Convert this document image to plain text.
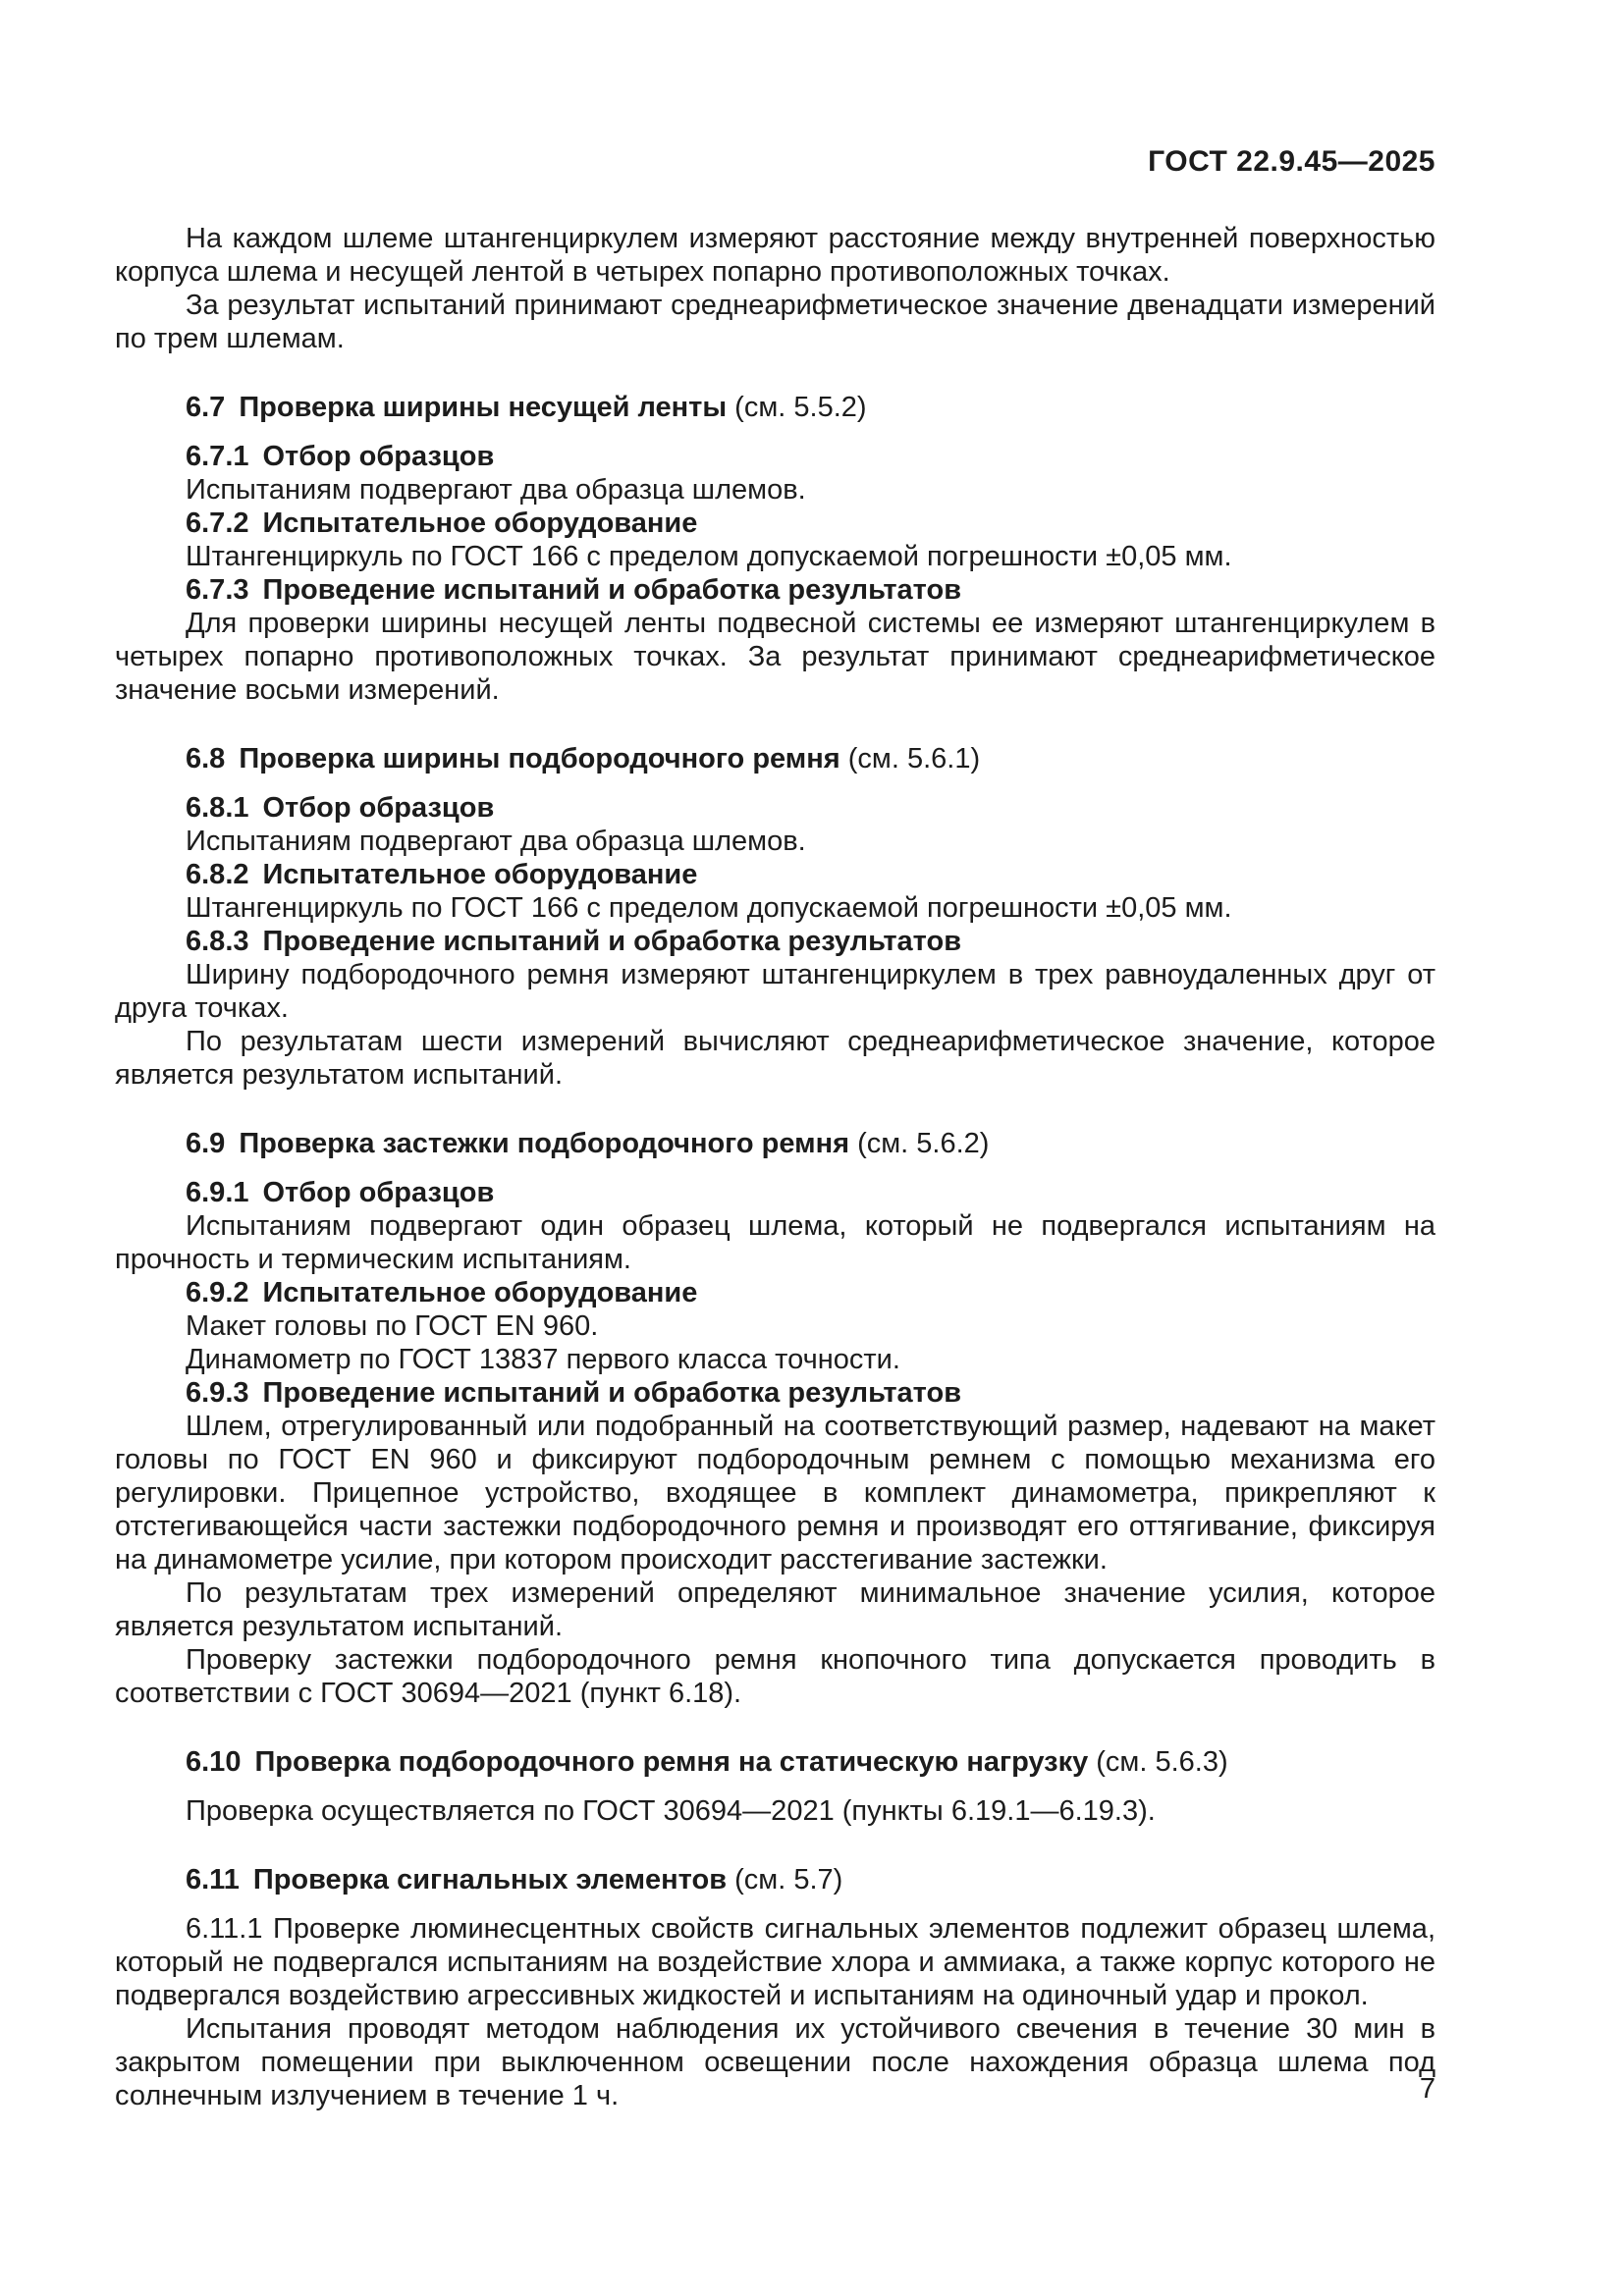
ГОСТ 22.9.45—2025

На каждом шлеме штангенциркулем измеряют расстояние между внутренней поверхностью корпуса шлема и несущей лентой в четырех попарно противоположных точках.

За результат испытаний принимают среднеарифметическое значение двенадцати измерений по трем шлемам.

6.7 Проверка ширины несущей ленты (см. 5.5.2)

6.7.1 Отбор образцов

Испытаниям подвергают два образца шлемов.

6.7.2 Испытательное оборудование

Штангенциркуль по ГОСТ 166 с пределом допускаемой погрешности ±0,05 мм.

6.7.3 Проведение испытаний и обработка результатов

Для проверки ширины несущей ленты подвесной системы ее измеряют штангенциркулем в четырех попарно противоположных точках. За результат принимают среднеарифметическое значение восьми измерений.

6.8 Проверка ширины подбородочного ремня (см. 5.6.1)

6.8.1 Отбор образцов

Испытаниям подвергают два образца шлемов.

6.8.2 Испытательное оборудование

Штангенциркуль по ГОСТ 166 с пределом допускаемой погрешности ±0,05 мм.

6.8.3 Проведение испытаний и обработка результатов

Ширину подбородочного ремня измеряют штангенциркулем в трех равноудаленных друг от друга точках.

По результатам шести измерений вычисляют среднеарифметическое значение, которое является результатом испытаний.

6.9 Проверка застежки подбородочного ремня (см. 5.6.2)

6.9.1 Отбор образцов

Испытаниям подвергают один образец шлема, который не подвергался испытаниям на прочность и термическим испытаниям.

6.9.2 Испытательное оборудование

Макет головы по ГОСТ EN 960.

Динамометр по ГОСТ 13837 первого класса точности.

6.9.3 Проведение испытаний и обработка результатов

Шлем, отрегулированный или подобранный на соответствующий размер, надевают на макет головы по ГОСТ EN 960 и фиксируют подбородочным ремнем с помощью механизма его регулировки. Прицепное устройство, входящее в комплект динамометра, прикрепляют к отстегивающейся части застежки подбородочного ремня и производят его оттягивание, фиксируя на динамометре усилие, при котором происходит расстегивание застежки.

По результатам трех измерений определяют минимальное значение усилия, которое является результатом испытаний.

Проверку застежки подбородочного ремня кнопочного типа допускается проводить в соответствии с ГОСТ 30694—2021 (пункт 6.18).

6.10 Проверка подбородочного ремня на статическую нагрузку (см. 5.6.3)

Проверка осуществляется по ГОСТ 30694—2021 (пункты 6.19.1—6.19.3).

6.11 Проверка сигнальных элементов (см. 5.7)

6.11.1 Проверке люминесцентных свойств сигнальных элементов подлежит образец шлема, который не подвергался испытаниям на воздействие хлора и аммиака, а также корпус которого не подвергался воздействию агрессивных жидкостей и испытаниям на одиночный удар и прокол.

Испытания проводят методом наблюдения их устойчивого свечения в течение 30 мин в закрытом помещении при выключенном освещении после нахождения образца шлема под солнечным излучением в течение 1 ч.	7
